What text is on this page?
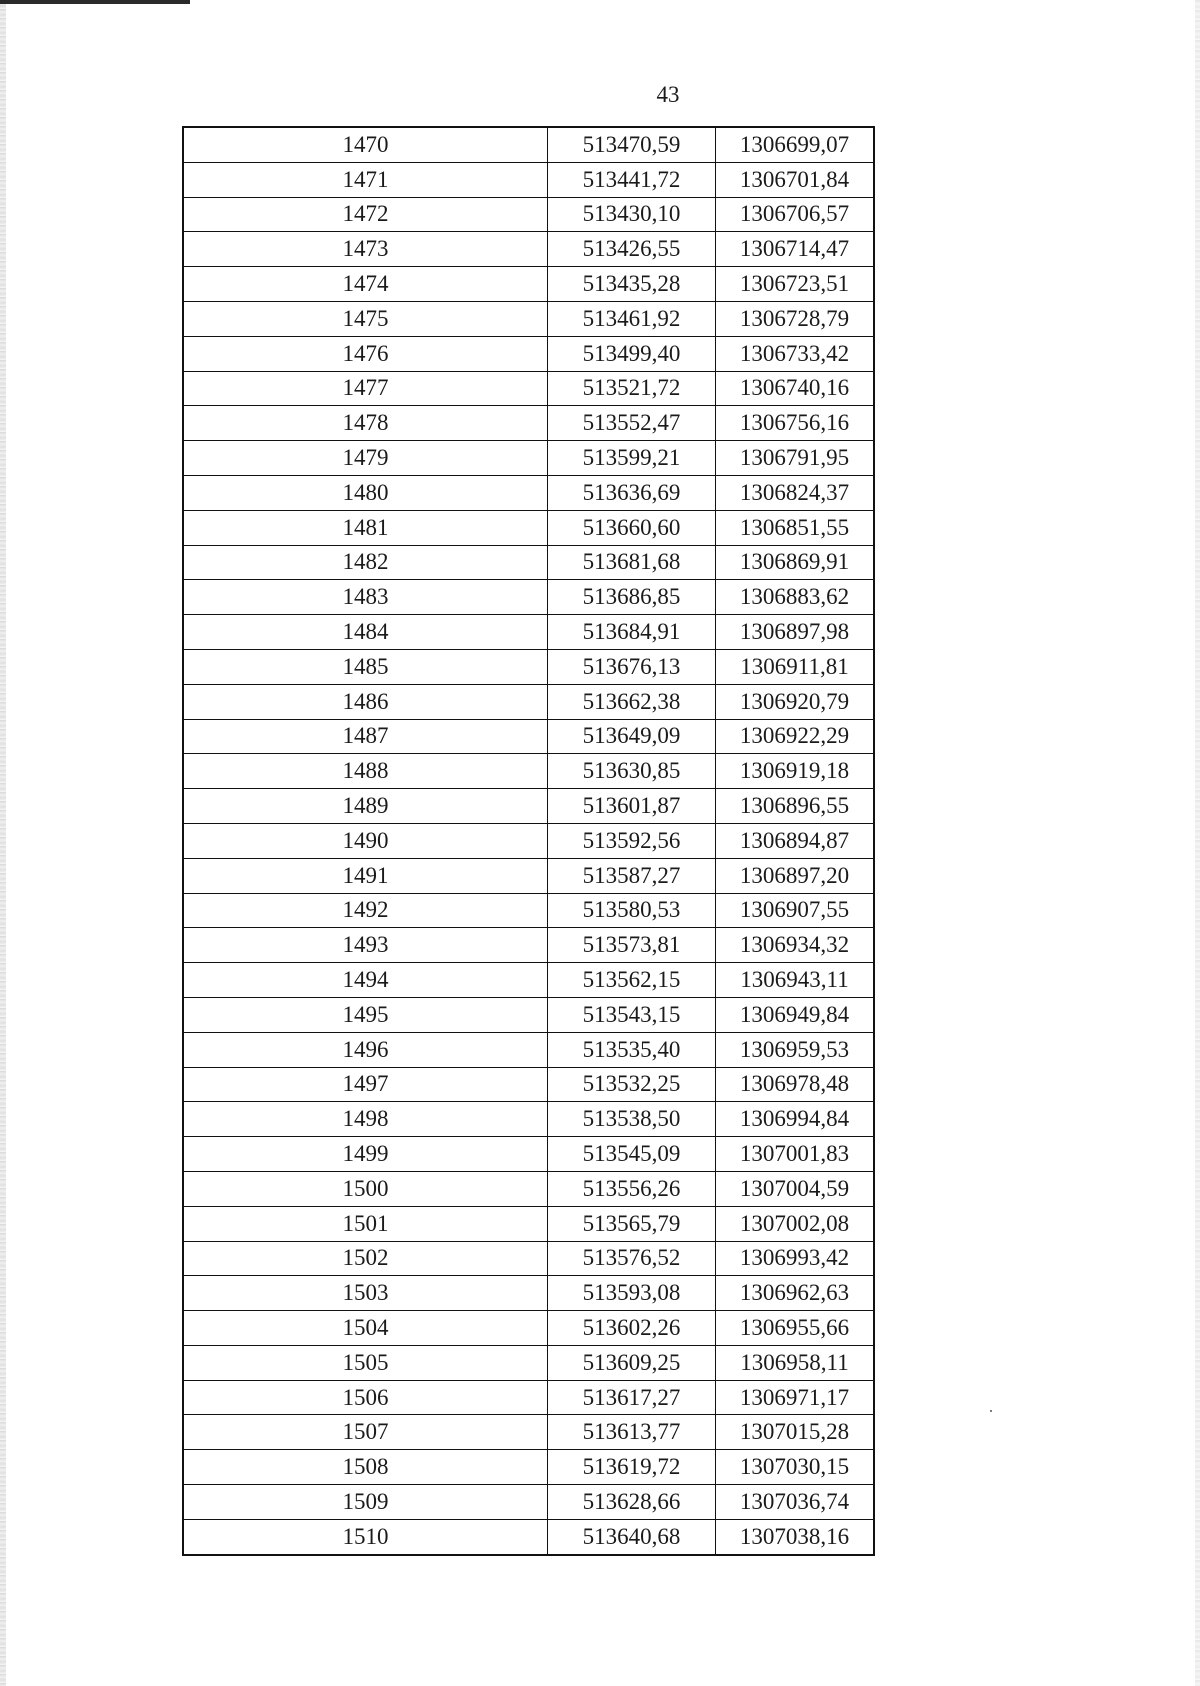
43
1470	513470,59	1306699,07
1471	513441,72	1306701,84
1472	513430,10	1306706,57
1473	513426,55	1306714,47
1474	513435,28	1306723,51
1475	513461,92	1306728,79
1476	513499,40	1306733,42
1477	513521,72	1306740,16
1478	513552,47	1306756,16
1479	513599,21	1306791,95
1480	513636,69	1306824,37
1481	513660,60	1306851,55
1482	513681,68	1306869,91
1483	513686,85	1306883,62
1484	513684,91	1306897,98
1485	513676,13	1306911,81
1486	513662,38	1306920,79
1487	513649,09	1306922,29
1488	513630,85	1306919,18
1489	513601,87	1306896,55
1490	513592,56	1306894,87
1491	513587,27	1306897,20
1492	513580,53	1306907,55
1493	513573,81	1306934,32
1494	513562,15	1306943,11
1495	513543,15	1306949,84
1496	513535,40	1306959,53
1497	513532,25	1306978,48
1498	513538,50	1306994,84
1499	513545,09	1307001,83
1500	513556,26	1307004,59
1501	513565,79	1307002,08
1502	513576,52	1306993,42
1503	513593,08	1306962,63
1504	513602,26	1306955,66
1505	513609,25	1306958,11
1506	513617,27	1306971,17
1507	513613,77	1307015,28
1508	513619,72	1307030,15
1509	513628,66	1307036,74
1510	513640,68	1307038,16
